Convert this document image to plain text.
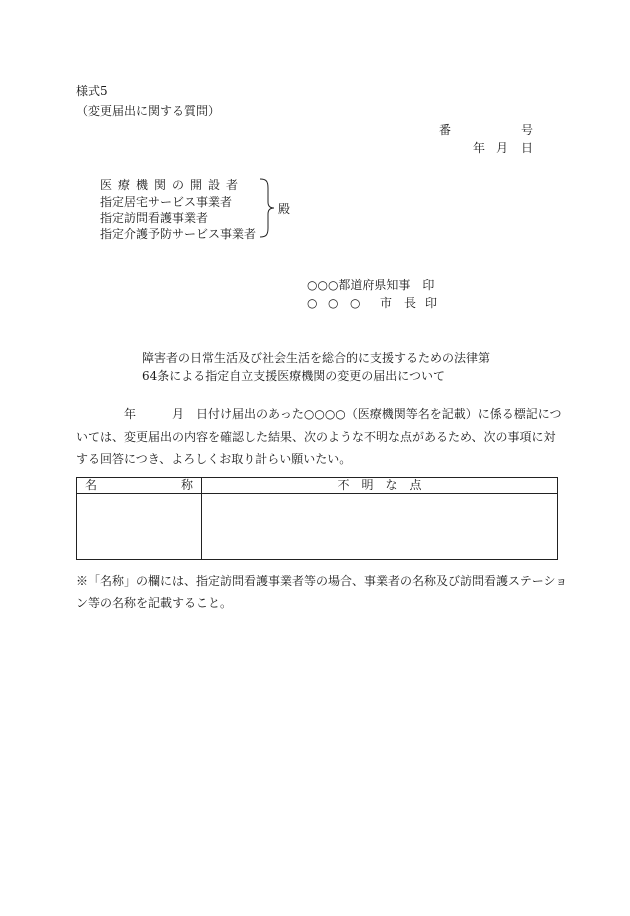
様式5
（変更届出に関する質問）
番	号
年 月 日
医療機関の開設者
指定居宅サービス事業者
指定訪問看護事業者
指定介護予防サービス事業者
殿
○○○都道府県知事　印
○ ○ ○ 市 長 印
障害者の日常生活及び社会生活を総合的に支援するための法律第
64条による指定自立支援医療機関の変更の届出について
年	月 日付け届出のあった○○○○（医療機関等名を記載）に係る標記につ
いては、変更届出の内容を確認した結果、次のような不明な点があるため、次の事項に対
する回答につき、よろしくお取り計らい願いたい。
名 称	不明な点

※「名称」の欄には、指定訪問看護事業者等の場合、事業者の名称及び訪問看護ステーショ
ン等の名称を記載すること。
